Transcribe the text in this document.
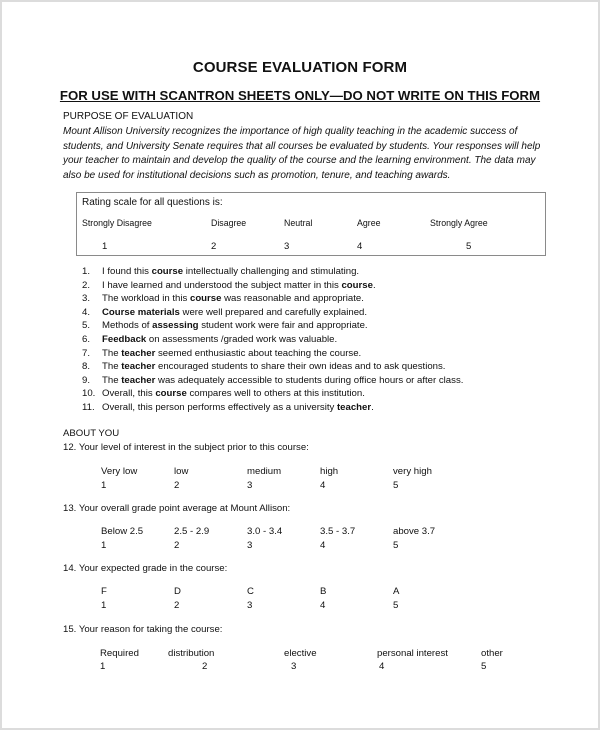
COURSE EVALUATION FORM
FOR USE WITH SCANTRON SHEETS ONLY—DO NOT WRITE ON THIS FORM
PURPOSE OF EVALUATION
Mount Allison University recognizes the importance of high quality teaching in the academic success of students, and University Senate requires that all courses be evaluated by students. Your responses will help your teacher to maintain and develop the quality of the course and the learning environment. The data may also be used for institutional decisions such as promotion, tenure, and teaching awards.
Rating scale for all questions is:
Strongly Disagree	Disagree	Neutral	Agree	Strongly Agree
1	2	3	4	5
1.	I found this course intellectually challenging and stimulating.
2.	I have learned and understood the subject matter in this course.
3.	The workload in this course was reasonable and appropriate.
4.	Course materials were well prepared and carefully explained.
5.	Methods of assessing student work were fair and appropriate.
6.	Feedback on assessments /graded work was valuable.
7.	The teacher seemed enthusiastic about teaching the course.
8.	The teacher encouraged students to share their own ideas and to ask questions.
9.	The teacher was adequately accessible to students during office hours or after class.
10. Overall, this course compares well to others at this institution.
11. Overall, this person performs effectively as a university teacher.
ABOUT YOU
12. Your level of interest in the subject prior to this course:
Very low	low	medium	high	very high
1	2	3	4	5
13. Your overall grade point average at Mount Allison:
Below 2.5	2.5 - 2.9	3.0 - 3.4	3.5 - 3.7	above 3.7
1	2	3	4	5
14. Your expected grade in the course:
F	D	C	B	A
1	2	3	4	5
15. Your reason for taking the course:
Required	distribution	elective	personal interest	other
1	2	3	4	5
